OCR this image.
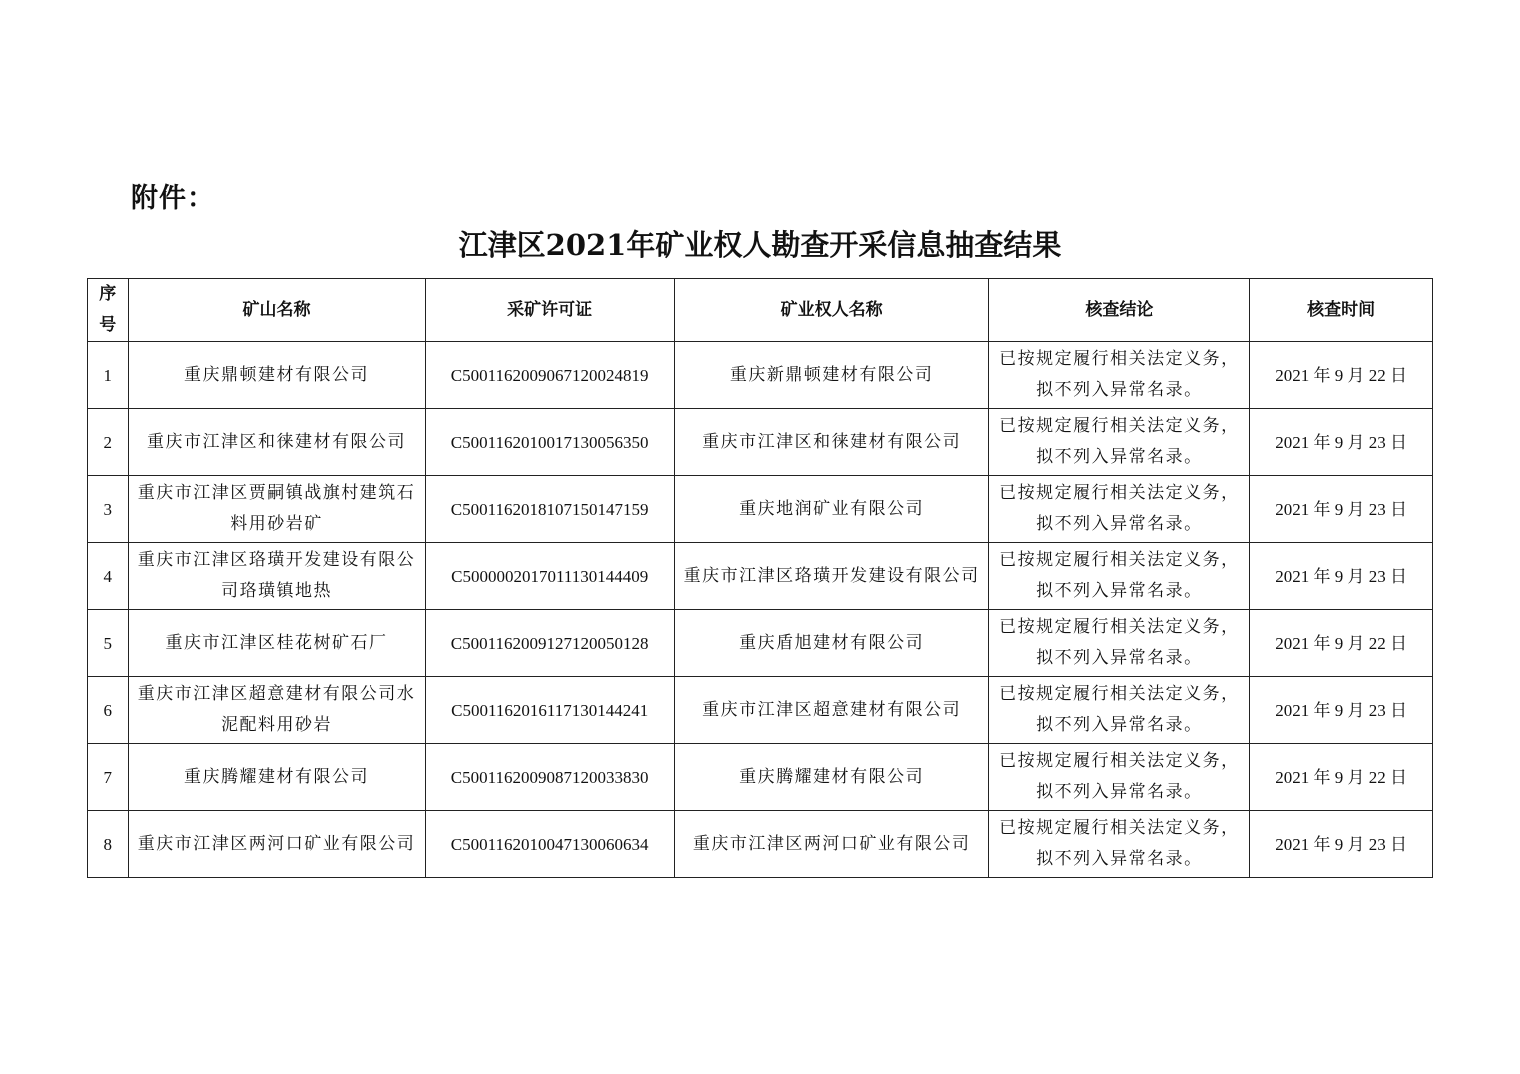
附件：
江津区2021年矿业权人勘查开采信息抽查结果
序号	矿山名称	采矿许可证	矿业权人名称	核查结论	核查时间
1	重庆鼎顿建材有限公司	C5001162009067120024819	重庆新鼎顿建材有限公司	已按规定履行相关法定义务，拟不列入异常名录。	2021 年 9 月 22 日
2	重庆市江津区和徕建材有限公司	C5001162010017130056350	重庆市江津区和徕建材有限公司	已按规定履行相关法定义务，拟不列入异常名录。	2021 年 9 月 23 日
3	重庆市江津区贾嗣镇战旗村建筑石料用砂岩矿	C5001162018107150147159	重庆地润矿业有限公司	已按规定履行相关法定义务，拟不列入异常名录。	2021 年 9 月 23 日
4	重庆市江津区珞璜开发建设有限公司珞璜镇地热	C5000002017011130144409	重庆市江津区珞璜开发建设有限公司	已按规定履行相关法定义务，拟不列入异常名录。	2021 年 9 月 23 日
5	重庆市江津区桂花树矿石厂	C5001162009127120050128	重庆盾旭建材有限公司	已按规定履行相关法定义务，拟不列入异常名录。	2021 年 9 月 22 日
6	重庆市江津区超意建材有限公司水泥配料用砂岩	C5001162016117130144241	重庆市江津区超意建材有限公司	已按规定履行相关法定义务，拟不列入异常名录。	2021 年 9 月 23 日
7	重庆腾耀建材有限公司	C5001162009087120033830	重庆腾耀建材有限公司	已按规定履行相关法定义务，拟不列入异常名录。	2021 年 9 月 22 日
8	重庆市江津区两河口矿业有限公司	C5001162010047130060634	重庆市江津区两河口矿业有限公司	已按规定履行相关法定义务，拟不列入异常名录。	2021 年 9 月 23 日
